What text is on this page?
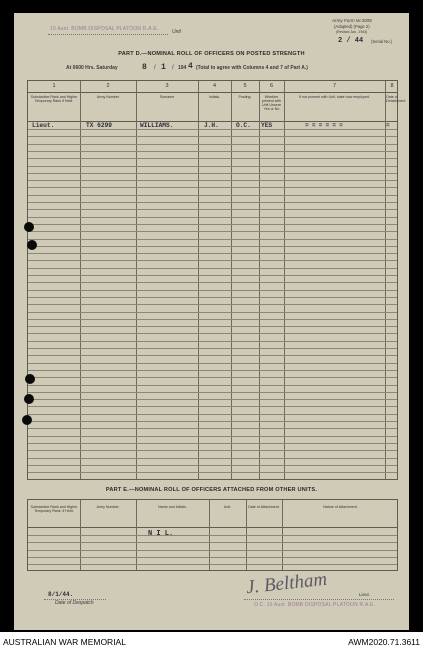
10 Aust. BOMB DISPOSAL PLATOON R.A.E.	Unit
Army Form W.3008
(Adapted) (Page 2)
(Revised Jan., 1943)
2 / 44 (Serial No.)
PART D.—NOMINAL ROLL OF OFFICERS ON POSTED STRENGTH
At 0600 Hrs. Saturday	8 / 1 / 194 4 (Total to agree with Columns 4 and 7 of Part A.)
1	2	3	4	5	6	7	8
Substantive Rank and Higher Temporary Rank if Held.
Army Number	Surname	Initials.	Posting.	Whether present with Unit Unsere Yes or No
If not present with Unit, state how employed.	Date of Detachment
Lieut.	TX 6299	WILLIAMS.	J.H.	O.C. YES	= = = = = =	=
PART E.—NOMINAL ROLL OF OFFICERS ATTACHED FROM OTHER UNITS.
Substantive Rank and Higher Temporary Rank, if Held.
Army Number.	Name and Initials.	Unit.	Date of Attachment.	Nature of Attachment.
N I L.
8/1/44.
Date of Despatch
J. Beltham	Lieut.
O.C. 10 Aust. BOMB DISPOSAL PLATOON R.A.E.
AUSTRALIAN WAR MEMORIAL	AWM2020.71.3611
